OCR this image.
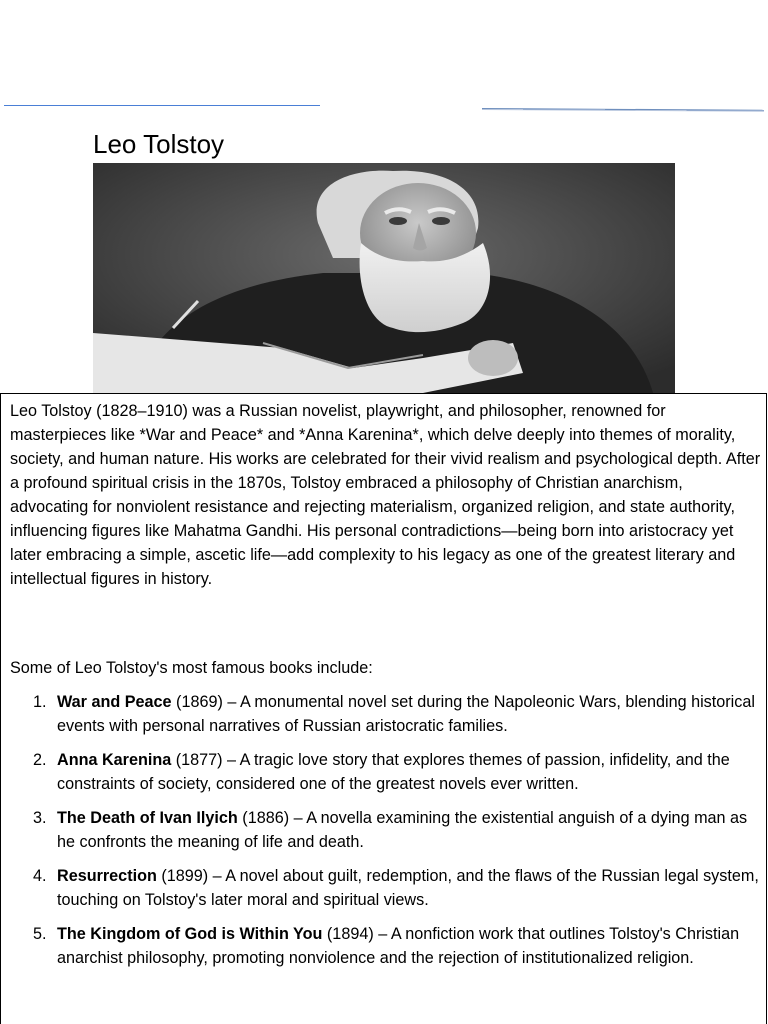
Leo Tolstoy

Leo Tolstoy (1828–1910) was a Russian novelist, playwright, and philosopher, renowned for masterpieces like *War and Peace* and *Anna Karenina*, which delve deeply into themes of morality, society, and human nature. His works are celebrated for their vivid realism and psychological depth. After a profound spiritual crisis in the 1870s, Tolstoy embraced a philosophy of Christian anarchism, advocating for nonviolent resistance and rejecting materialism, organized religion, and state authority, influencing figures like Mahatma Gandhi. His personal contradictions—being born into aristocracy yet later embracing a simple, ascetic life—add complexity to his legacy as one of the greatest literary and intellectual figures in history.

Some of Leo Tolstoy's most famous books include:

1. War and Peace (1869) – A monumental novel set during the Napoleonic Wars, blending historical events with personal narratives of Russian aristocratic families.
2. Anna Karenina (1877) – A tragic love story that explores themes of passion, infidelity, and the constraints of society, considered one of the greatest novels ever written.
3. The Death of Ivan Ilyich (1886) – A novella examining the existential anguish of a dying man as he confronts the meaning of life and death.
4. Resurrection (1899) – A novel about guilt, redemption, and the flaws of the Russian legal system, touching on Tolstoy's later moral and spiritual views.
5. The Kingdom of God is Within You (1894) – A nonfiction work that outlines Tolstoy's Christian anarchist philosophy, promoting nonviolence and the rejection of institutionalized religion.
